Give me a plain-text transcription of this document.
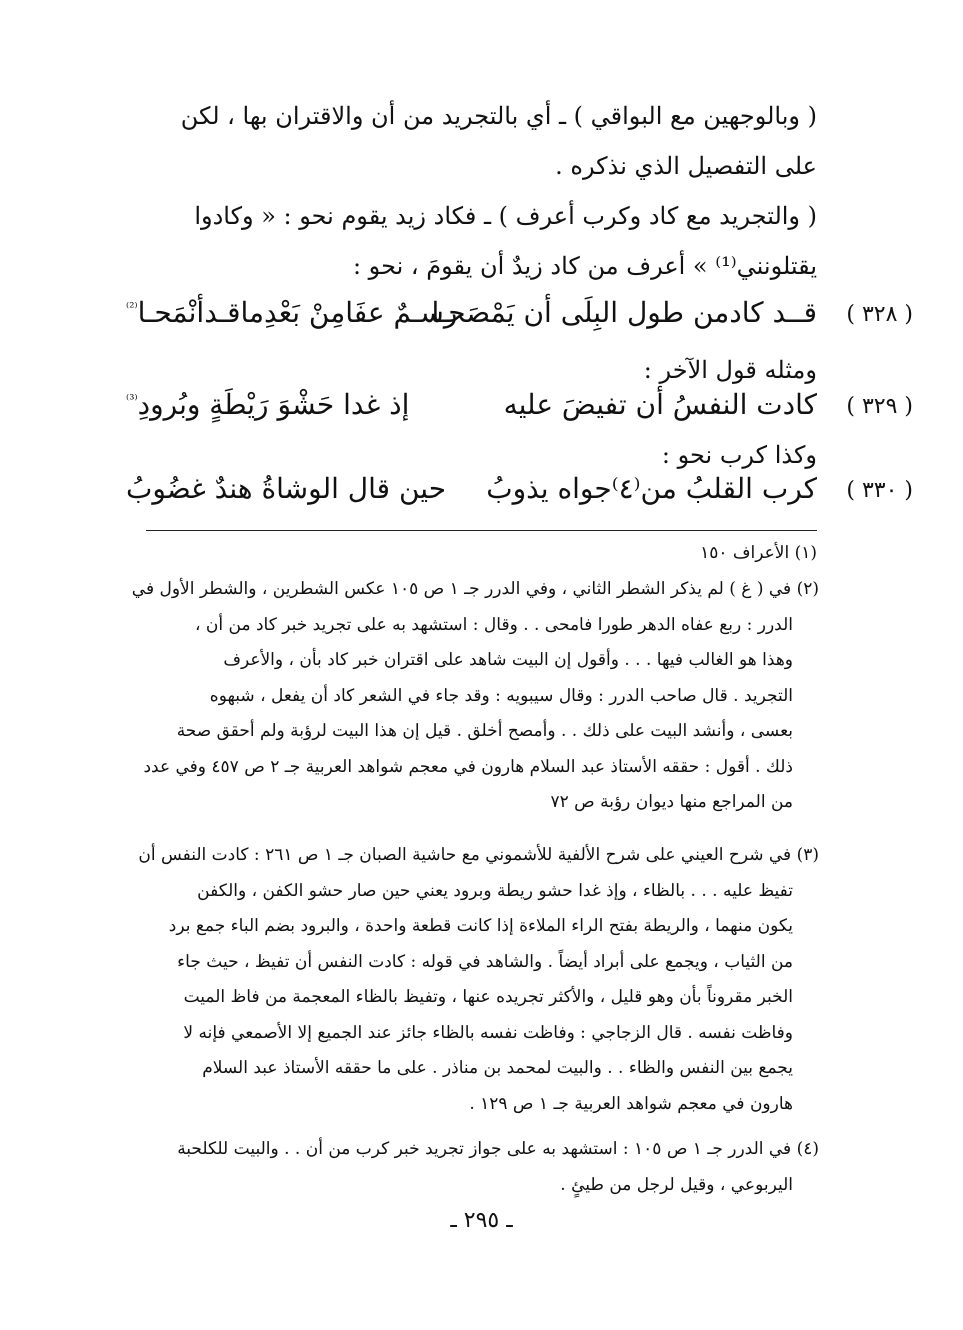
( وبالوجهين مع البواقي ) ـ أي بالتجريد من أن والاقتران بها ، لكن
على التفصيل الذي نذكره .
( والتجريد مع كاد وكرب أعرف ) ـ فكاد زيد يقوم نحو : « وكادوا
يقتلونني⁽¹⁾ » أعرف من كاد زيدٌ أن يقومَ ، نحو :
( ٣٢٨ )
قــد كادمن طول البِلَى أن يَمْصَحـا
رسـمٌ عفَامِنْ بَعْدِماقـدأنْمَحـا$^{^{(2)}}$
ومثله قول الآخر :
( ٣٢٩ )
كادت النفسُ أن تفيضَ عليه
إذ غدا حَشْوَ رَيْطَةٍ وبُرودِ$^{^{(3)}}$
وكذا كرب نحو :
( ٣٣٠ )
كرب القلبُ من⁽٤⁾جواه يذوبُ
حين قال الوشاةُ هندٌ غضُوبُ
(١) الأعراف ١٥٠
(٢) في ( غ ) لم يذكر الشطر الثاني ، وفي الدرر جـ ١ ص ١٠٥ عكس الشطرين ، والشطر الأول في
الدرر : ربع عفاه الدهر طورا فامحى . . وقال : استشهد به على تجريد خبر كاد من أن ،
وهذا هو الغالب فيها . . . وأقول إن البيت شاهد على اقتران خبر كاد بأن ، والأعرف
التجريد . قال صاحب الدرر : وقال سيبويه : وقد جاء في الشعر كاد أن يفعل ، شبهوه
بعسى ، وأنشد البيت على ذلك . . وأمصح أخلق . قيل إن هذا البيت لرؤبة ولم أحقق صحة
ذلك . أقول : حققه الأستاذ عبد السلام هارون في معجم شواهد العربية جـ ٢ ص ٤٥٧ وفي عدد
من المراجع منها ديوان رؤبة ص ٧٢
(٣) في شرح العيني على شرح الألفية للأشموني مع حاشية الصبان جـ ١ ص ٢٦١ : كادت النفس أن
تفيظ عليه . . . بالظاء ، وإذ غدا حشو ريطة وبرود يعني حين صار حشو الكفن ، والكفن
يكون منهما ، والريطة بفتح الراء الملاءة إذا كانت قطعة واحدة ، والبرود بضم الباء جمع برد
من الثياب ، ويجمع على أبراد أيضاً . والشاهد في قوله : كادت النفس أن تفيظ ، حيث جاء
الخبر مقروناً بأن وهو قليل ، والأكثر تجريده عنها ، وتفيظ بالظاء المعجمة من فاظ الميت
وفاظت نفسه . قال الزجاجي : وفاظت نفسه بالظاء جائز عند الجميع إلا الأصمعي فإنه لا
يجمع بين النفس والظاء . . والبيت لمحمد بن مناذر . على ما حققه الأستاذ عبد السلام
هارون في معجم شواهد العربية جـ ١ ص ١٢٩ .
(٤) في الدرر جـ ١ ص ١٠٥ : استشهد به على جواز تجريد خبر كرب من أن . . والبيت للكلحبة
اليربوعي ، وقيل لرجل من طيئٍ .
ـ ٢٩٥ ـ
